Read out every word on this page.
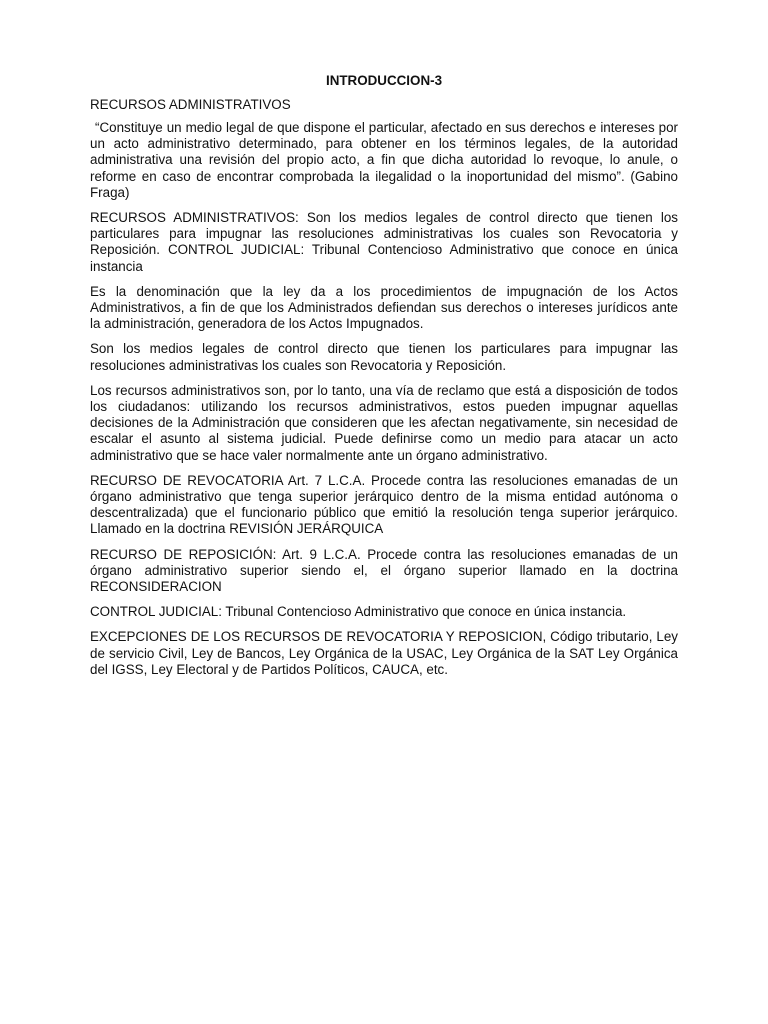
INTRODUCCION-3
RECURSOS ADMINISTRATIVOS

“Constituye un medio legal de que dispone el particular, afectado en sus derechos e intereses por un acto administrativo determinado, para obtener en los términos legales, de la autoridad administrativa una revisión del propio acto, a fin que dicha autoridad lo revoque, lo anule, o reforme en caso de encontrar comprobada la ilegalidad o la inoportunidad del mismo”. (Gabino Fraga)

RECURSOS ADMINISTRATIVOS: Son los medios legales de control directo que tienen los particulares para impugnar las resoluciones administrativas los cuales son Revocatoria y Reposición. CONTROL JUDICIAL: Tribunal Contencioso Administrativo que conoce en única instancia

Es la denominación que la ley da a los procedimientos de impugnación de los Actos Administrativos, a fin de que los Administrados defiendan sus derechos o intereses jurídicos ante la administración, generadora de los Actos Impugnados.

Son los medios legales de control directo que tienen los particulares para impugnar las resoluciones administrativas los cuales son Revocatoria y Reposición.

Los recursos administrativos son, por lo tanto, una vía de reclamo que está a disposición de todos los ciudadanos: utilizando los recursos administrativos, estos pueden impugnar aquellas decisiones de la Administración que consideren que les afectan negativamente, sin necesidad de escalar el asunto al sistema judicial. Puede definirse como un medio para atacar un acto administrativo que se hace valer normalmente ante un órgano administrativo.

RECURSO DE REVOCATORIA Art. 7 L.C.A. Procede contra las resoluciones emanadas de un órgano administrativo que tenga superior jerárquico dentro de la misma entidad autónoma o descentralizada) que el funcionario público que emitió la resolución tenga superior jerárquico. Llamado en la doctrina REVISIÓN JERÁRQUICA

RECURSO DE REPOSICIÓN: Art. 9 L.C.A. Procede contra las resoluciones emanadas de un órgano administrativo superior siendo el, el órgano superior llamado en la doctrina RECONSIDERACION

CONTROL JUDICIAL: Tribunal Contencioso Administrativo que conoce en única instancia.

EXCEPCIONES DE LOS RECURSOS DE REVOCATORIA Y REPOSICION, Código tributario, Ley de servicio Civil, Ley de Bancos, Ley Orgánica de la USAC, Ley Orgánica de la SAT Ley Orgánica del IGSS, Ley Electoral y de Partidos Políticos, CAUCA, etc.
